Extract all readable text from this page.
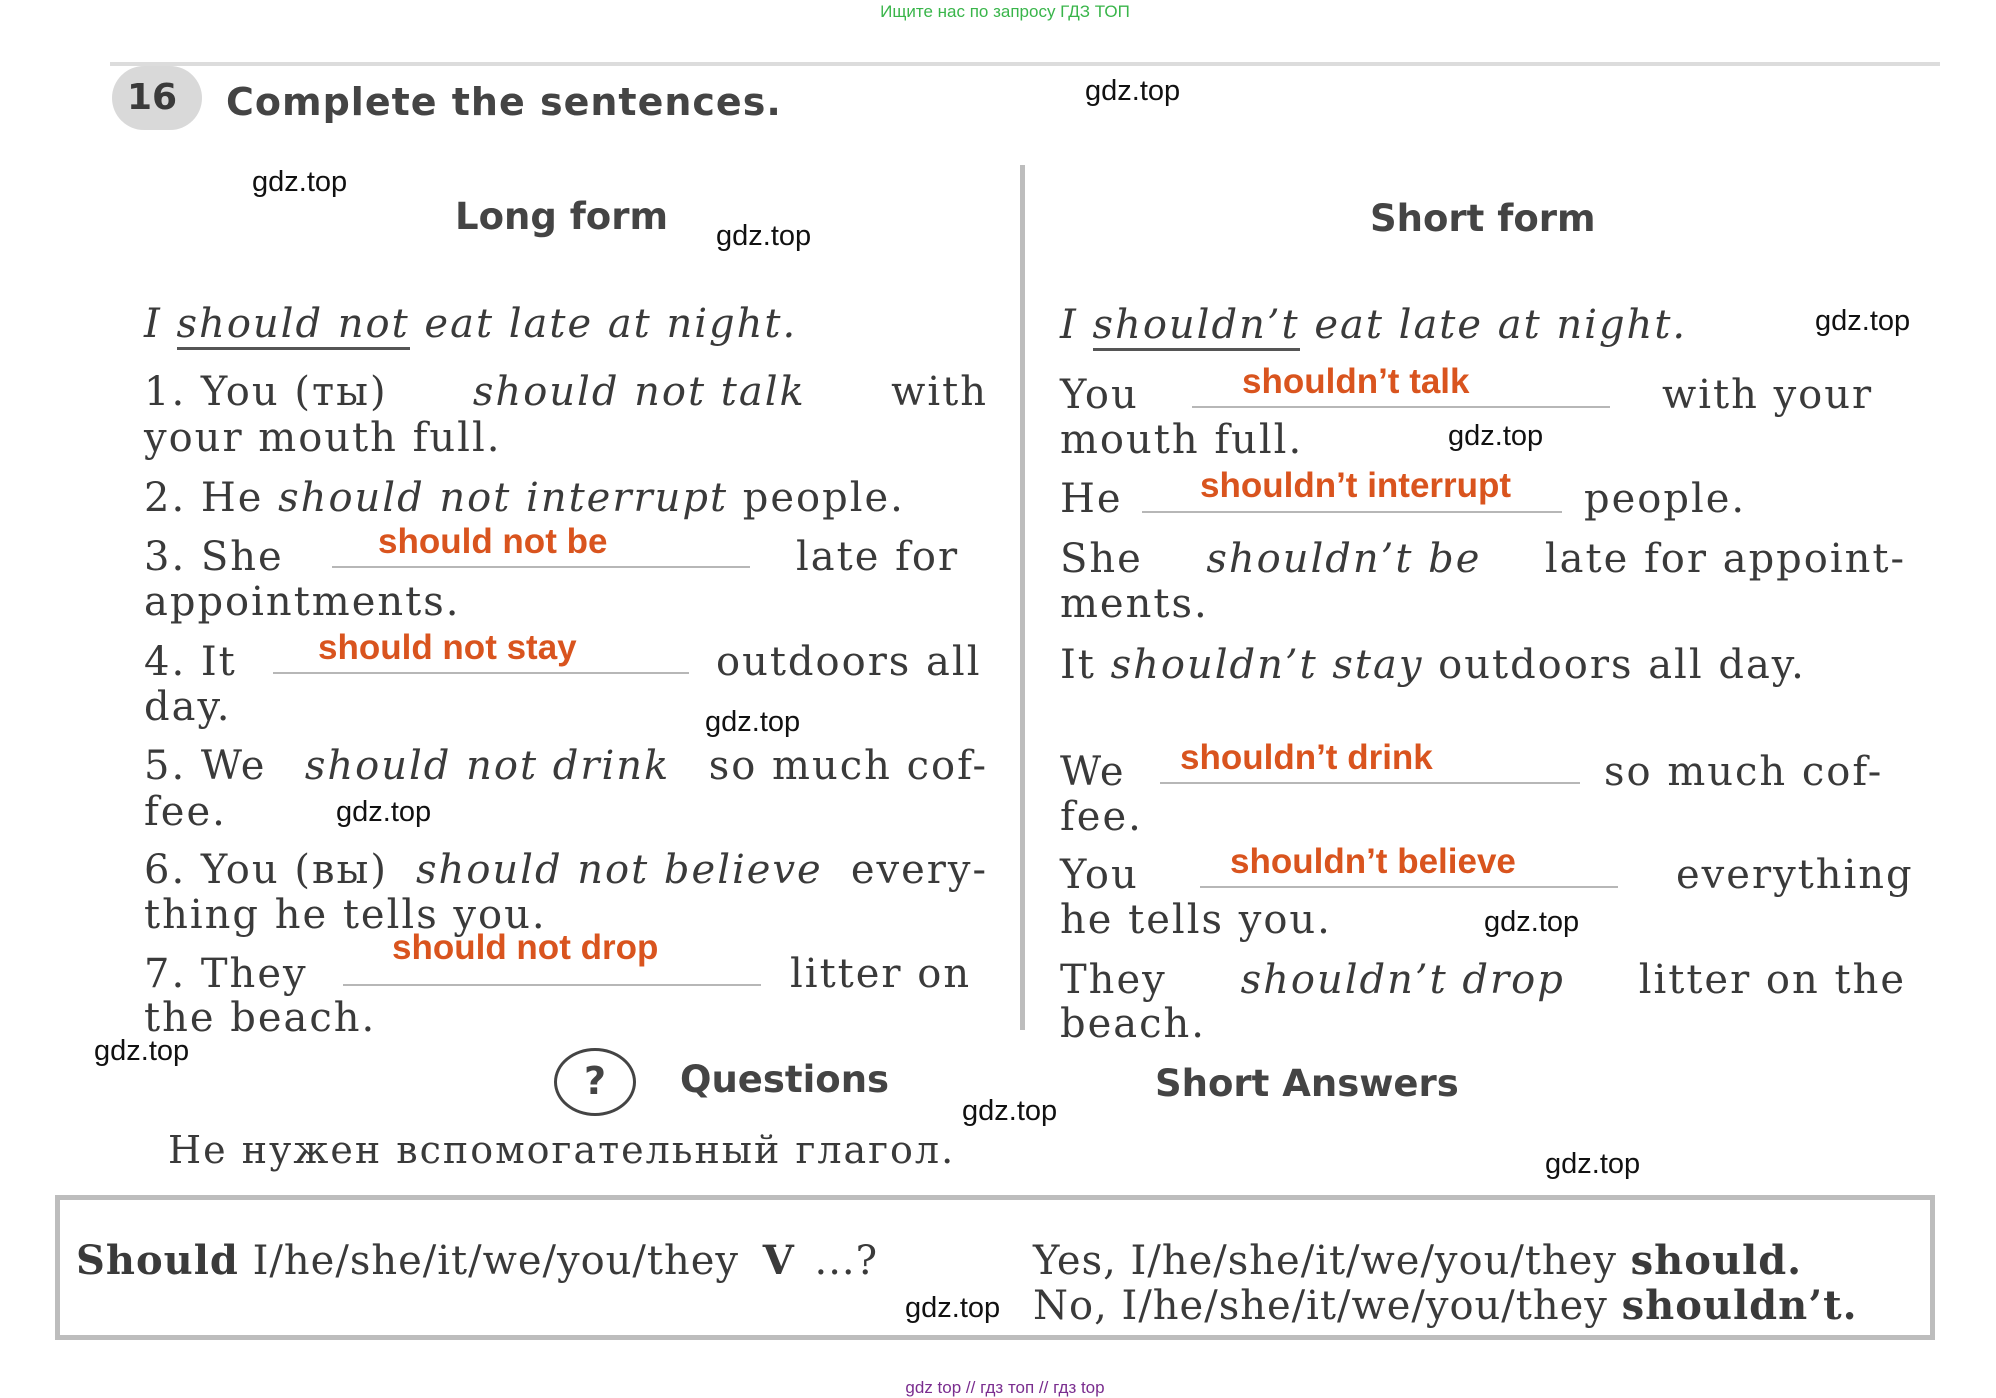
Ищите нас по запросу ГДЗ ТОП
16	Complete the sentences.
Long form	Short form
I should not eat late at night.
1. You (ты) should not talk with
your mouth full.
2. He should not interrupt people.
3. She	should not be	late for
appointments.
4. It should not stay	outdoors all
day.
5. We should not drink so much cof-
fee.
6. You (вы) should not believe every-
thing he tells you.
7. They
should not drop
litter on
the beach.
I shouldn’t eat late at night.
You	shouldn’t talk	with your
mouth full.
He shouldn’t interrupt people.
She shouldn’t be late for appoint-
ments.
It shouldn’t stay outdoors all day.
We shouldn’t drink	so much cof-
fee.
You	shouldn’t believe	everything
he tells you.
They shouldn’t drop litter on the
beach.
?	Questions	Short Answers
Не нужен вспомогательный глагол.
Should I/he/she/it/we/you/they V ...?	Yes, I/he/she/it/we/you/they should.
No, I/he/she/it/we/you/they shouldn’t.
gdz.top
gdz.top
gdz.top
gdz.top
gdz.top
gdz.top
gdz.top
gdz.top
gdz.top
gdz.top
gdz.top
gdz.top
gdz top // гдз топ // гдз top
